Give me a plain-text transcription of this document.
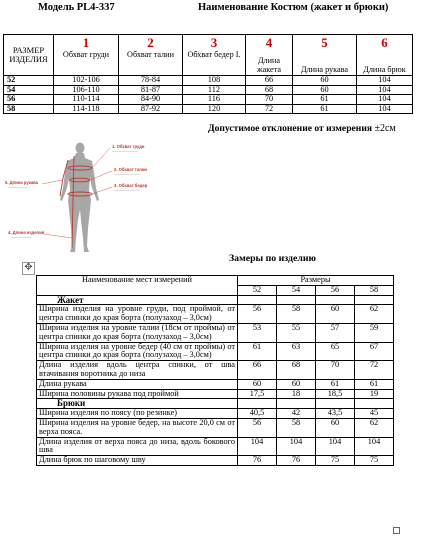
Модель PL4-337	Наименование Костюм (жакет и брюки)
РАЗМЕР ИЗДЕЛИЯ	1	2	3	4	5	6
	Обхват груди	Обхват талии	Обхват бедер I.	Длина жакета	Длина рукава	Длина брюк
52	102-106	78-84	108	66	60	104
54	106-110	81-87	112	68	60	104
56	110-114	84-90	116	70	61	104
58	114-118	87-92	120	72	61	104
Допустимое отклонение от измерения ±2см
1. Обхват груди
——————————
2. Обхват талии
——————————
3. Обхват бедер
——————————
5. Длина рукава
————————
4. Длина изделия
————————
Замеры по изделию
✥
Наименование мест измерений	Размеры			
	52	54	56	58
Жакет				
Ширина изделия на уровне груди, под проймой, от центра спинки до края борта (полузаход – 3,0см)	56	58	60	62
Ширина изделия на уровне талии (18см от проймы) от центра спинки до края борта (полузаход – 3,0см)	53	55	57	59
Ширина изделия на уровне бедер (40 см от проймы) от центра спинки до края борта (полузаход – 3,0см)	61	63	65	67
Длина изделия вдоль центра спинки, от шва втачивания воротника до низа	66	68	70	72
Длина рукава	60	60	61	61
Ширина половины рукава под проймой	17,5	18	18,5	19
Брюки				
Ширина изделия по поясу (по резинке)	40,5	42	43,5	45
Ширина изделия на уровне бедер, на высоте 20,0 см от верха пояса.	56	58	60	62
Длина изделия от верха пояса до низа, вдоль бокового шва	104	104	104	104
Длина брюк по шаговому шву	76	76	75	75
